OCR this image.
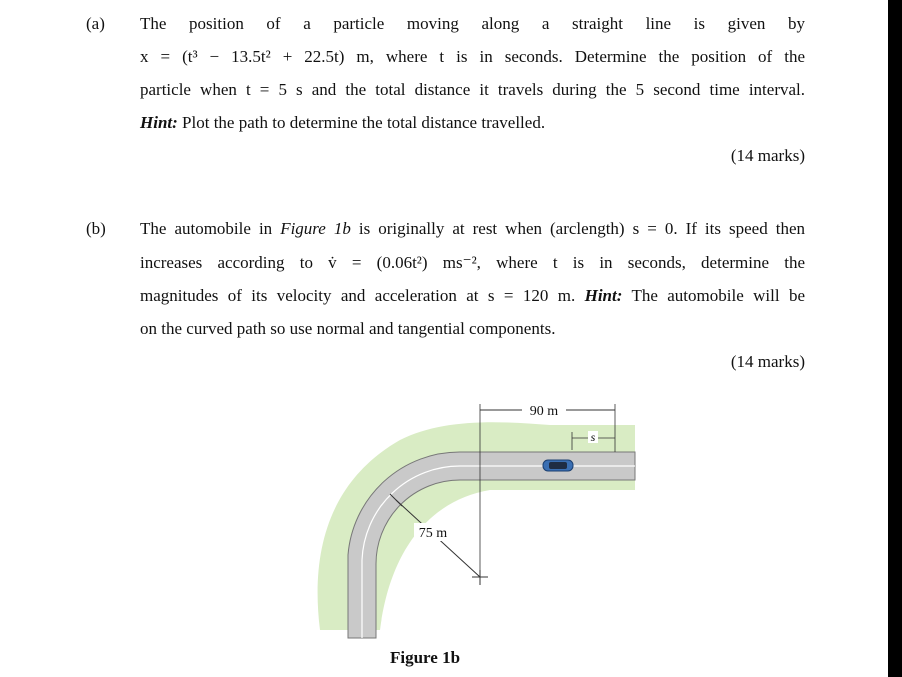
(a) The position of a particle moving along a straight line is given by
x = (t³ − 13.5t² + 22.5t) m, where t is in seconds. Determine the position of the
particle when t = 5 s and the total distance it travels during the 5 second time interval.
Hint: Plot the path to determine the total distance travelled.
(14 marks)
(b) The automobile in Figure 1b is originally at rest when (arclength) s = 0. If its speed then
increases according to v̇ = (0.06t²) ms⁻², where t is in seconds, determine the
magnitudes of its velocity and acceleration at s = 120 m. Hint: The automobile will be
on the curved path so use normal and tangential components.
(14 marks)
90 m
s
75 m
Figure 1b
